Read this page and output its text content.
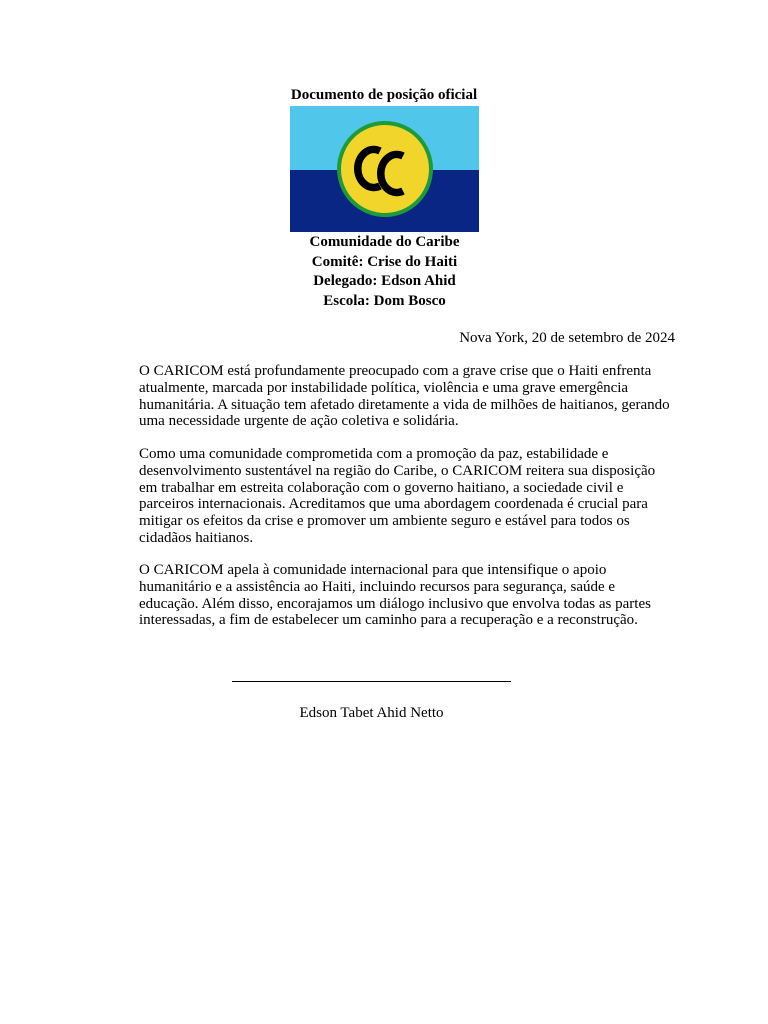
Documento de posição oficial
Comunidade do Caribe
Comitê: Crise do Haiti
Delegado: Edson Ahid
Escola: Dom Bosco
Nova York, 20 de setembro de 2024
O CARICOM está profundamente preocupado com a grave crise que o Haiti enfrenta atualmente, marcada por instabilidade política, violência e uma grave emergência humanitária. A situação tem afetado diretamente a vida de milhões de haitianos, gerando uma necessidade urgente de ação coletiva e solidária.
Como uma comunidade comprometida com a promoção da paz, estabilidade e desenvolvimento sustentável na região do Caribe, o CARICOM reitera sua disposição em trabalhar em estreita colaboração com o governo haitiano, a sociedade civil e parceiros internacionais. Acreditamos que uma abordagem coordenada é crucial para mitigar os efeitos da crise e promover um ambiente seguro e estável para todos os cidadãos haitianos.
O CARICOM apela à comunidade internacional para que intensifique o apoio humanitário e a assistência ao Haiti, incluindo recursos para segurança, saúde e educação. Além disso, encorajamos um diálogo inclusivo que envolva todas as partes interessadas, a fim de estabelecer um caminho para a recuperação e a reconstrução.
Edson Tabet Ahid Netto
